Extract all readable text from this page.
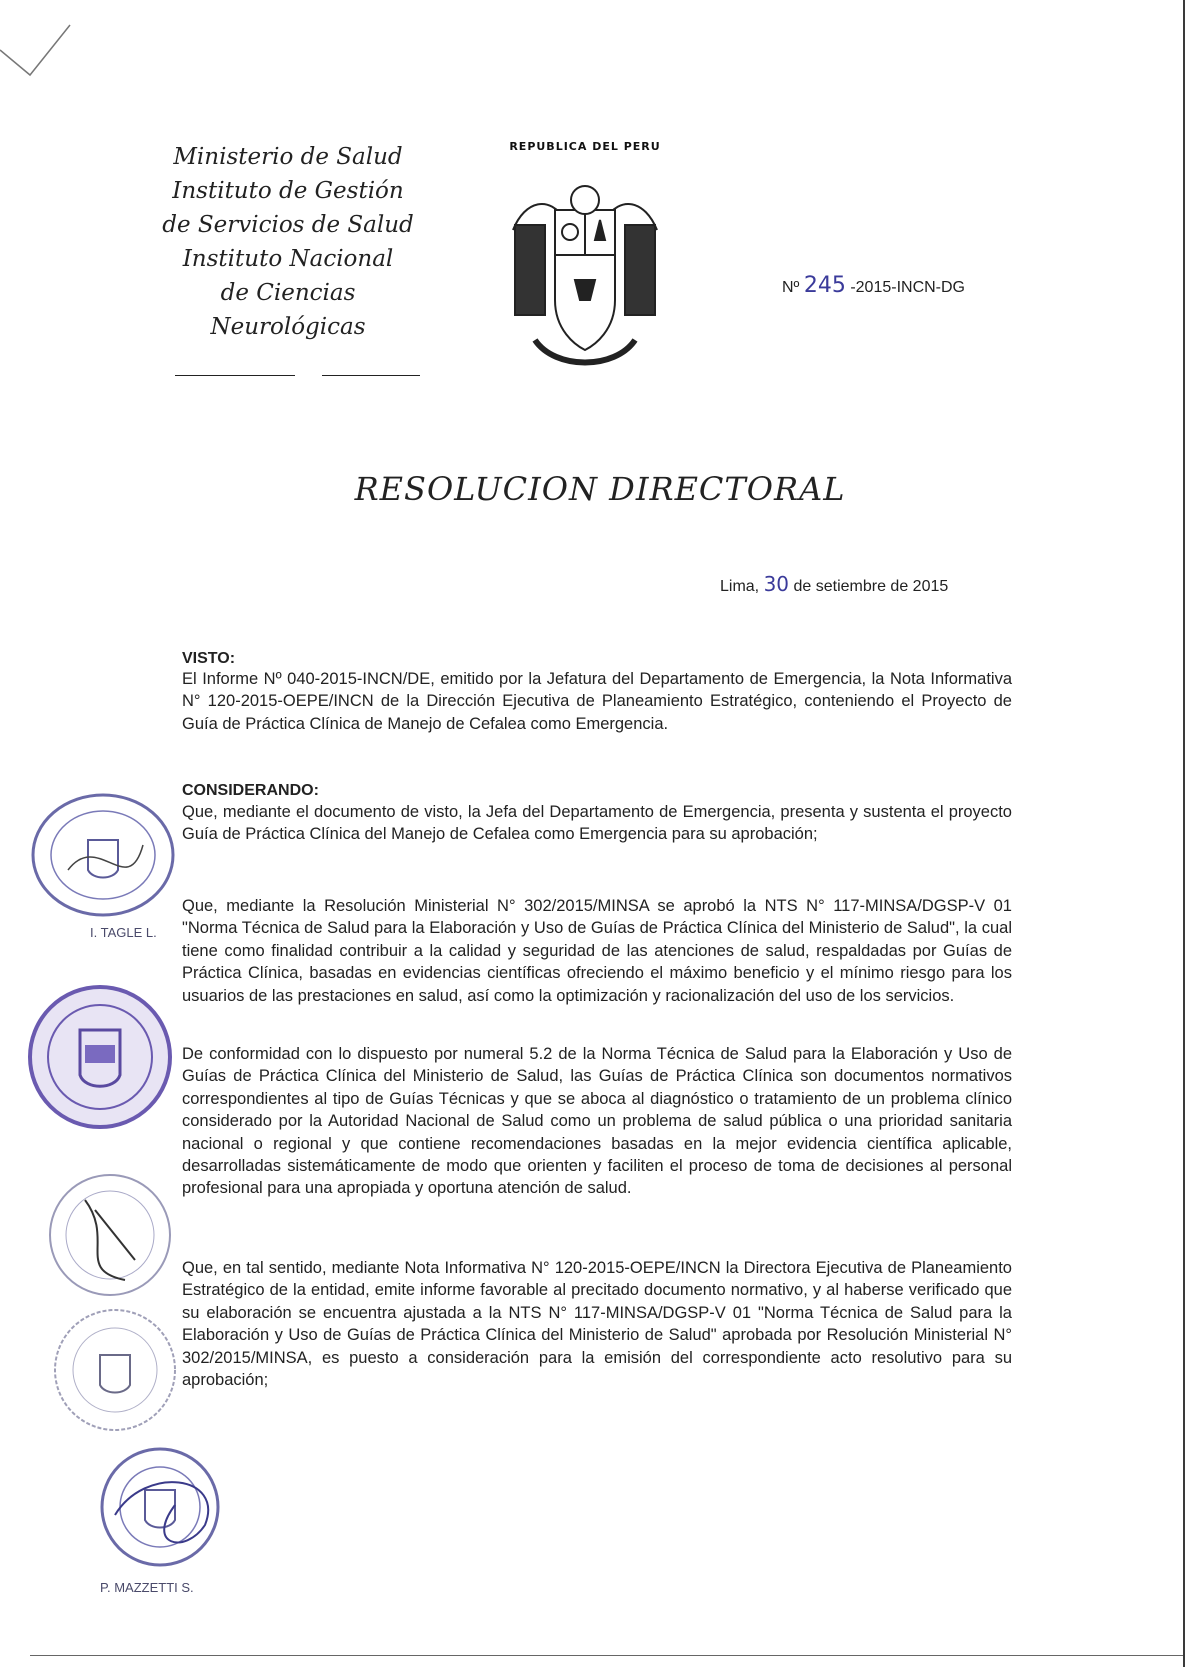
Ministerio de Salud
Instituto de Gestión
de Servicios de Salud
Instituto Nacional
de Ciencias
Neurológicas
REPUBLICA DEL PERU
Nº 245 -2015-INCN-DG
RESOLUCION DIRECTORAL
Lima, 30 de setiembre de 2015
VISTO:
El Informe Nº 040-2015-INCN/DE, emitido por la Jefatura del Departamento de Emergencia, la Nota Informativa N° 120-2015-OEPE/INCN de la Dirección Ejecutiva de Planeamiento Estratégico, conteniendo el Proyecto de Guía de Práctica Clínica de Manejo de Cefalea como Emergencia.
CONSIDERANDO:
Que, mediante el documento de visto, la Jefa del Departamento de Emergencia, presenta y sustenta el proyecto Guía de Práctica Clínica del Manejo de Cefalea como Emergencia para su aprobación;
Que, mediante la Resolución Ministerial N° 302/2015/MINSA se aprobó la NTS N° 117-MINSA/DGSP-V 01 "Norma Técnica de Salud para la Elaboración y Uso de Guías de Práctica Clínica del Ministerio de Salud", la cual tiene como finalidad contribuir a la calidad y seguridad de las atenciones de salud, respaldadas por Guías de Práctica Clínica, basadas en evidencias científicas ofreciendo el máximo beneficio y el mínimo riesgo para los usuarios de las prestaciones en salud, así como la optimización y racionalización del uso de los servicios.
De conformidad con lo dispuesto por numeral 5.2 de la Norma Técnica de Salud para la Elaboración y Uso de Guías de Práctica Clínica del Ministerio de Salud, las Guías de Práctica Clínica son documentos normativos correspondientes al tipo de Guías Técnicas y que se aboca al diagnóstico o tratamiento de un problema clínico considerado por la Autoridad Nacional de Salud como un problema de salud pública o una prioridad sanitaria nacional o regional y que contiene recomendaciones basadas en la mejor evidencia científica aplicable, desarrolladas sistemáticamente de modo que orienten y faciliten el proceso de toma de decisiones al personal profesional para una apropiada y oportuna atención de salud.
Que, en tal sentido, mediante Nota Informativa N° 120-2015-OEPE/INCN la Directora Ejecutiva de Planeamiento Estratégico de la entidad, emite informe favorable al precitado documento normativo, y al haberse verificado que su elaboración se encuentra ajustada a la NTS N° 117-MINSA/DGSP-V 01 "Norma Técnica de Salud para la Elaboración y Uso de Guías de Práctica Clínica del Ministerio de Salud" aprobada por Resolución Ministerial N° 302/2015/MINSA, es puesto a consideración para la emisión del correspondiente acto resolutivo para su aprobación;
I. TAGLE L.
P. MAZZETTI S.
